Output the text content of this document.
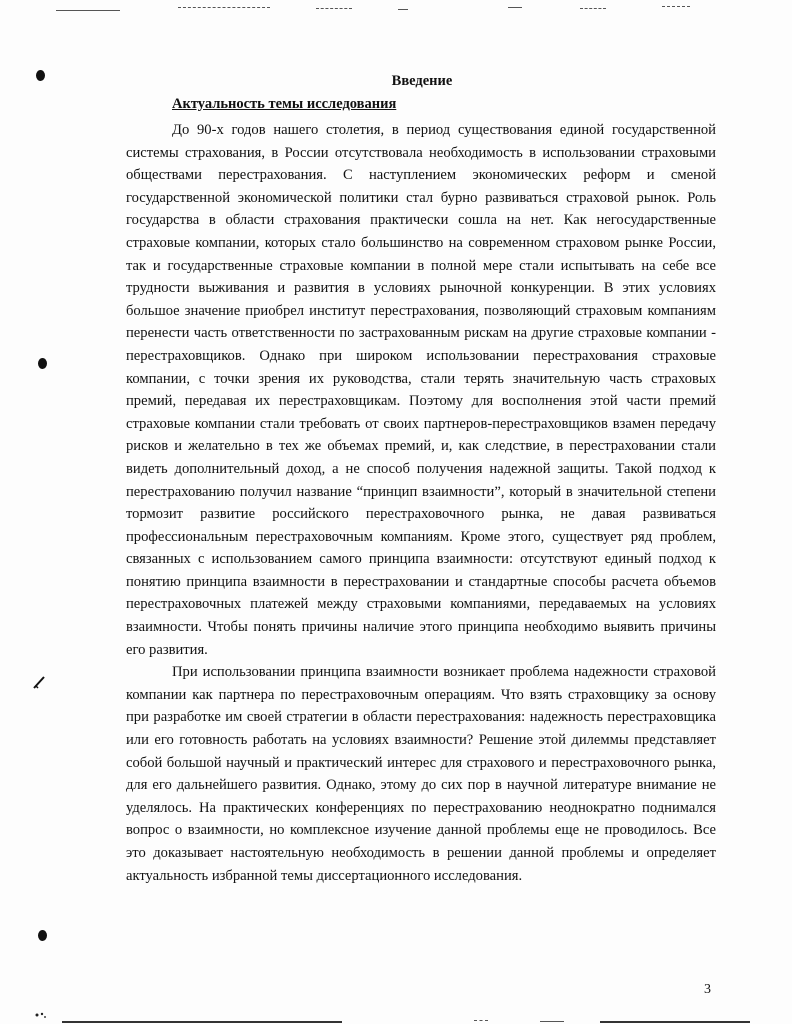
Введение
Актуальность темы исследования

До 90-х годов нашего столетия, в период существования единой государственной системы страхования, в России отсутствовала необходимость в использовании страховыми обществами перестрахования. С наступлением экономических реформ и сменой государственной экономической политики стал бурно развиваться страховой рынок. Роль государства в области страхования практически сошла на нет. Как негосударственные страховые компании, которых стало большинство на современном страховом рынке России, так и государственные страховые компании в полной мере стали испытывать на себе все трудности выживания и развития в условиях рыночной конкуренции. В этих условиях большое значение приобрел институт перестрахования, позволяющий страховым компаниям перенести часть ответственности по застрахованным рискам на другие страховые компании - перестраховщиков. Однако при широком использовании перестрахования страховые компании, с точки зрения их руководства, стали терять значительную часть страховых премий, передавая их перестраховщикам. Поэтому для восполнения этой части премий страховые компании стали требовать от своих партнеров-перестраховщиков взамен передачу рисков и желательно в тех же объемах премий, и, как следствие, в перестраховании стали видеть дополнительный доход, а не способ получения надежной защиты. Такой подход к перестрахованию получил название “принцип взаимности”, который в значительной степени тормозит развитие российского перестраховочного рынка, не давая развиваться профессиональным перестраховочным компаниям. Кроме этого, существует ряд проблем, связанных с использованием самого принципа взаимности: отсутствуют единый подход к понятию принципа взаимности в перестраховании и стандартные способы расчета объемов перестраховочных платежей между страховыми компаниями, передаваемых на условиях взаимности. Чтобы понять причины наличие этого принципа необходимо выявить причины его развития.

При использовании принципа взаимности возникает проблема надежности страховой компании как партнера по перестраховочным операциям. Что взять страховщику за основу при разработке им своей стратегии в области перестрахования: надежность перестраховщика или его готовность работать на условиях взаимности? Решение этой дилеммы представляет собой большой научный и практический интерес для страхового и перестраховочного рынка, для его дальнейшего развития. Однако, этому до сих пор в научной литературе внимание не уделялось. На практических конференциях по перестрахованию неоднократно поднимался вопрос о взаимности, но комплексное изучение данной проблемы еще не проводилось. Все это доказывает настоятельную необходимость в решении данной проблемы и определяет актуальность избранной темы диссертационного исследования.

3
